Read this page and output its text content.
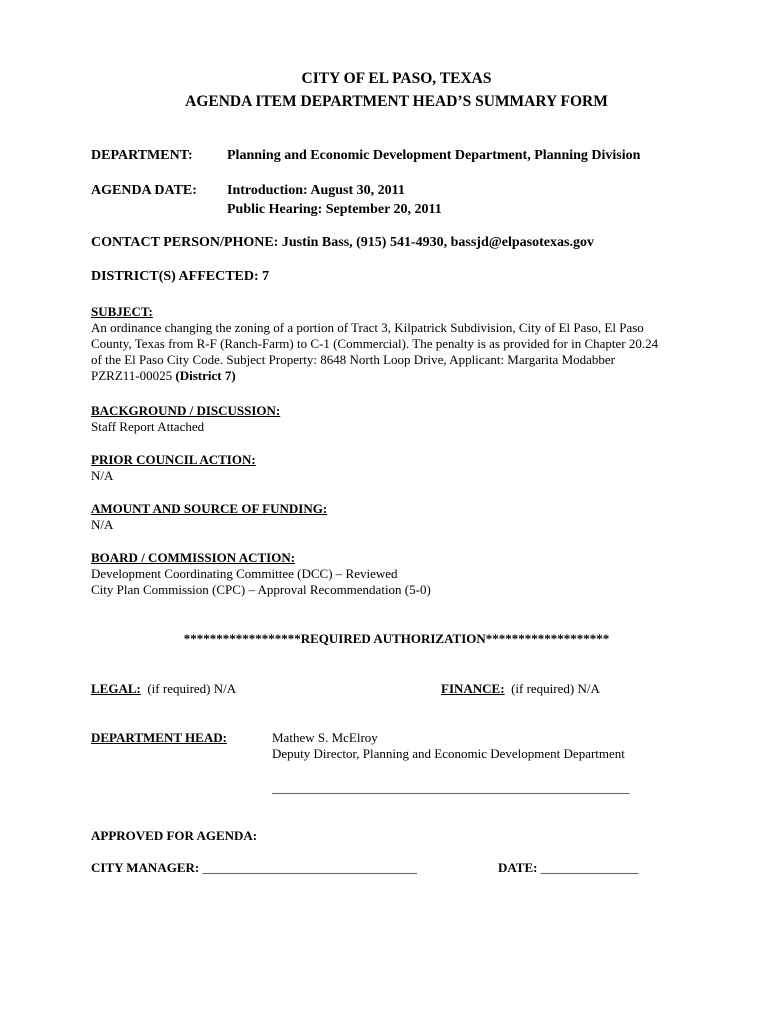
CITY OF EL PASO, TEXAS
AGENDA ITEM DEPARTMENT HEAD’S SUMMARY FORM
DEPARTMENT: Planning and Economic Development Department, Planning Division
AGENDA DATE: Introduction: August 30, 2011
Public Hearing: September 20, 2011
CONTACT PERSON/PHONE: Justin Bass, (915) 541-4930, bassjd@elpasotexas.gov
DISTRICT(S) AFFECTED: 7
SUBJECT:
An ordinance changing the zoning of a portion of Tract 3, Kilpatrick Subdivision, City of El Paso, El Paso
County, Texas from R-F (Ranch-Farm) to C-1 (Commercial). The penalty is as provided for in Chapter 20.24
of the El Paso City Code. Subject Property: 8648 North Loop Drive, Applicant: Margarita Modabber
PZRZ11-00025 (District 7)
BACKGROUND / DISCUSSION:
Staff Report Attached
PRIOR COUNCIL ACTION:
N/A
AMOUNT AND SOURCE OF FUNDING:
N/A
BOARD / COMMISSION ACTION:
Development Coordinating Committee (DCC) – Reviewed
City Plan Commission (CPC) – Approval Recommendation (5-0)
******************REQUIRED AUTHORIZATION*******************
LEGAL: (if required) N/A	FINANCE: (if required) N/A
DEPARTMENT HEAD:	Mathew S. McElroy
Deputy Director, Planning and Economic Development Department
_______________________________________________________
APPROVED FOR AGENDA:
CITY MANAGER: _________________________________	DATE: _______________
